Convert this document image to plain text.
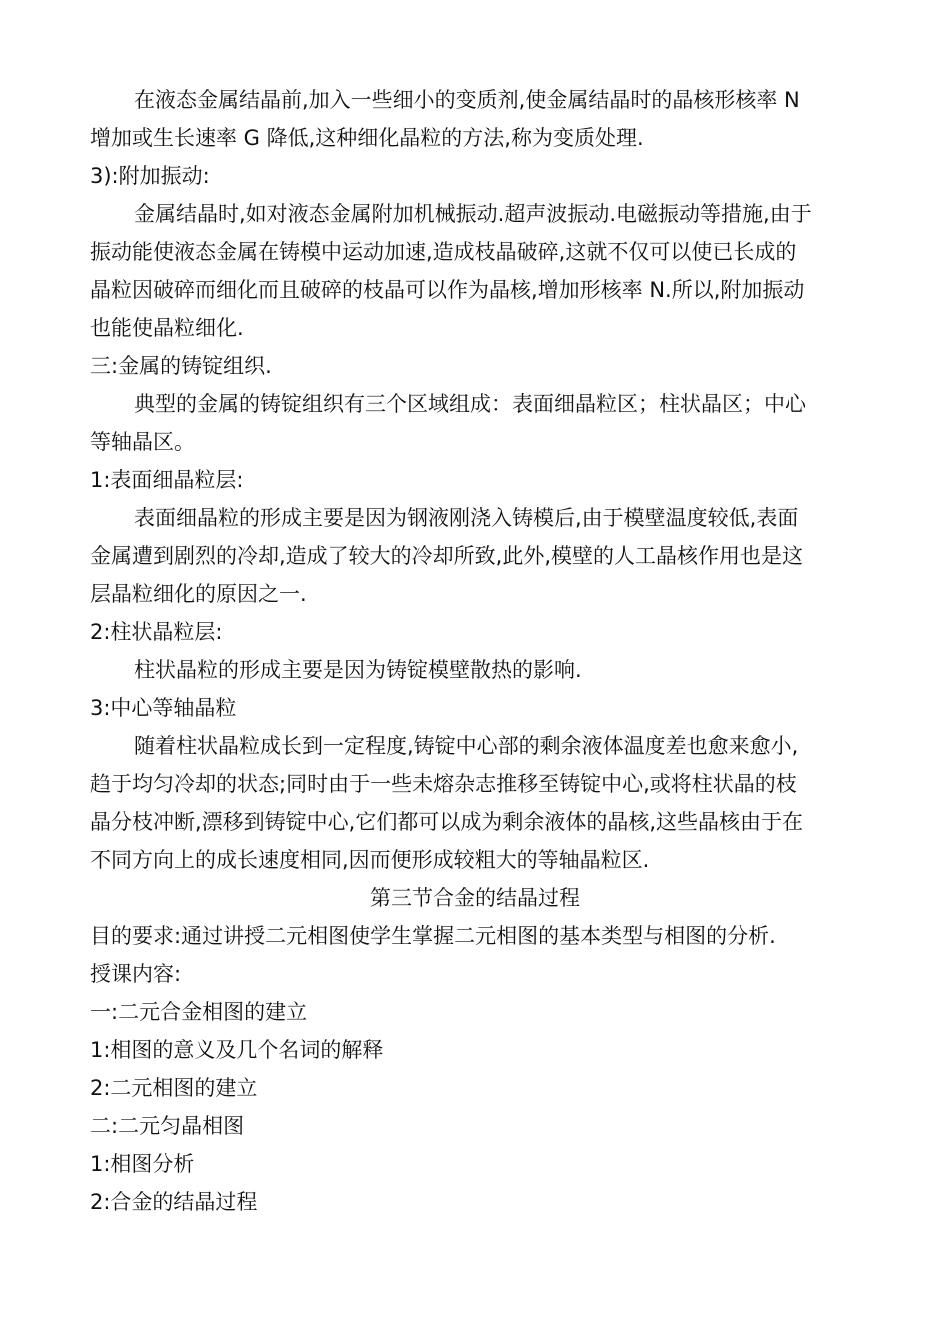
在液态金属结晶前,加入一些细小的变质剂,使金属结晶时的晶核形核率 N
增加或生长速率 G 降低,这种细化晶粒的方法,称为变质处理.
3):附加振动:
金属结晶时,如对液态金属附加机械振动.超声波振动.电磁振动等措施,由于
振动能使液态金属在铸模中运动加速,造成枝晶破碎,这就不仅可以使已长成的
晶粒因破碎而细化而且破碎的枝晶可以作为晶核,增加形核率 N.所以,附加振动
也能使晶粒细化.
三:金属的铸锭组织.
典型的金属的铸锭组织有三个区域组成：表面细晶粒区；柱状晶区；中心
等轴晶区。
1:表面细晶粒层:
表面细晶粒的形成主要是因为钢液刚浇入铸模后,由于模壁温度较低,表面
金属遭到剧烈的冷却,造成了较大的冷却所致,此外,模壁的人工晶核作用也是这
层晶粒细化的原因之一.
2:柱状晶粒层:
柱状晶粒的形成主要是因为铸锭模壁散热的影响.
3:中心等轴晶粒
随着柱状晶粒成长到一定程度,铸锭中心部的剩余液体温度差也愈来愈小,
趋于均匀冷却的状态;同时由于一些未熔杂志推移至铸锭中心,或将柱状晶的枝
晶分枝冲断,漂移到铸锭中心,它们都可以成为剩余液体的晶核,这些晶核由于在
不同方向上的成长速度相同,因而便形成较粗大的等轴晶粒区.
第三节合金的结晶过程
目的要求:通过讲授二元相图使学生掌握二元相图的基本类型与相图的分析.
授课内容:
一:二元合金相图的建立
1:相图的意义及几个名词的解释
2:二元相图的建立
二:二元匀晶相图
1:相图分析
2:合金的结晶过程
